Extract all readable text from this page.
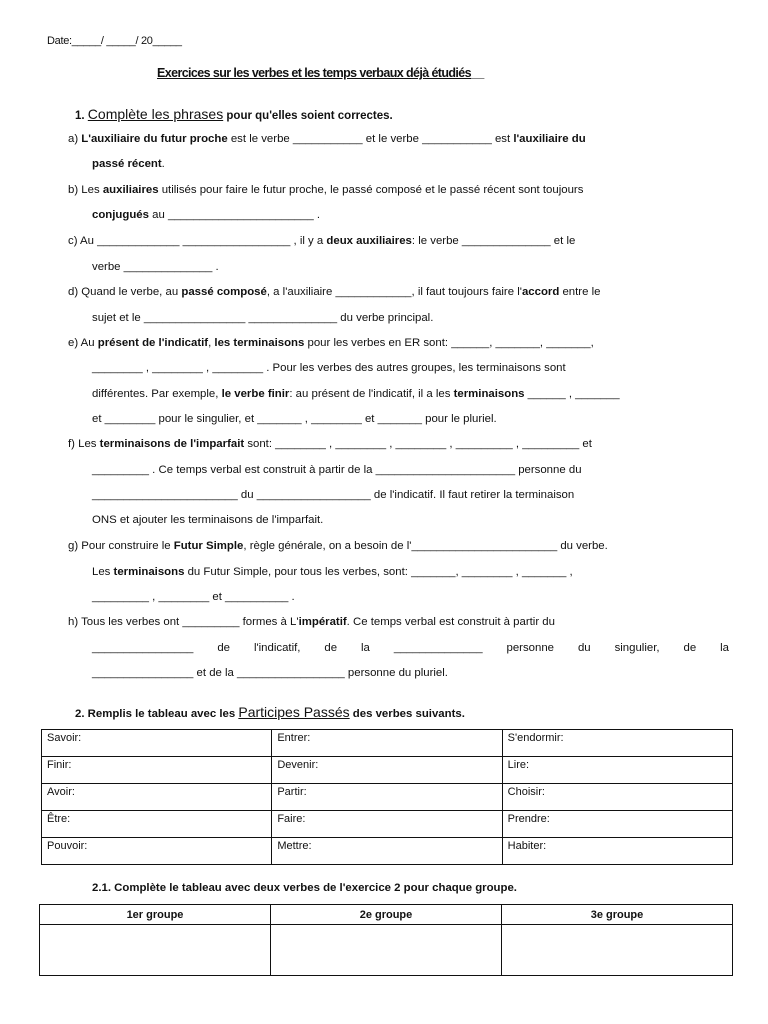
Date:_____/ _____/ 20_____
Exercices sur les verbes et les temps verbaux déjà étudiés__
1. Complète les phrases pour qu'elles soient correctes.
a) L'auxiliaire du futur proche est le verbe ___________ et le verbe ___________ est l'auxiliaire du
passé récent.
b) Les auxiliaires utilisés pour faire le futur proche, le passé composé et le passé récent sont toujours
conjugués au _______________________ .
c) Au _____________ _________________ , il y a deux auxiliaires: le verbe ______________ et le
verbe ______________ .
d) Quand le verbe, au passé composé, a l'auxiliaire ____________, il faut toujours faire l'accord entre le
sujet et le ________________ ______________ du verbe principal.
e) Au présent de l'indicatif, les terminaisons pour les verbes en ER sont: ______, _______, _______,
________ , ________ , ________ . Pour les verbes des autres groupes, les terminaisons sont
différentes. Par exemple, le verbe finir: au présent de l'indicatif, il a les terminaisons ______ , _______
et ________ pour le singulier, et _______ , ________ et _______ pour le pluriel.
f) Les terminaisons de l'imparfait sont: ________ , ________ , ________ , _________ , _________ et
_________ . Ce temps verbal est construit à partir de la ______________________ personne du
_______________________ du __________________ de l'indicatif. Il faut retirer la terminaison
ONS et ajouter les terminaisons de l'imparfait.
g) Pour construire le Futur Simple, règle générale, on a besoin de l'_______________________ du verbe.
Les terminaisons du Futur Simple, pour tous les verbes, sont: _______, ________ , _______ ,
_________ , ________ et __________ .
h) Tous les verbes ont _________ formes à L'impératif. Ce temps verbal est construit à partir du
________________ de l'indicatif, de la ______________ personne du singulier, de la
________________ et de la _________________ personne du pluriel.
2. Remplis le tableau avec les Participes Passés des verbes suivants.
Savoir:	Entrer:	S'endormir:
Finir:	Devenir:	Lire:
Avoir:	Partir:	Choisir:
Être:	Faire:	Prendre:
Pouvoir:	Mettre:	Habiter:
2.1. Complète le tableau avec deux verbes de l'exercice 2 pour chaque groupe.
1er groupe	2e groupe	3e groupe
